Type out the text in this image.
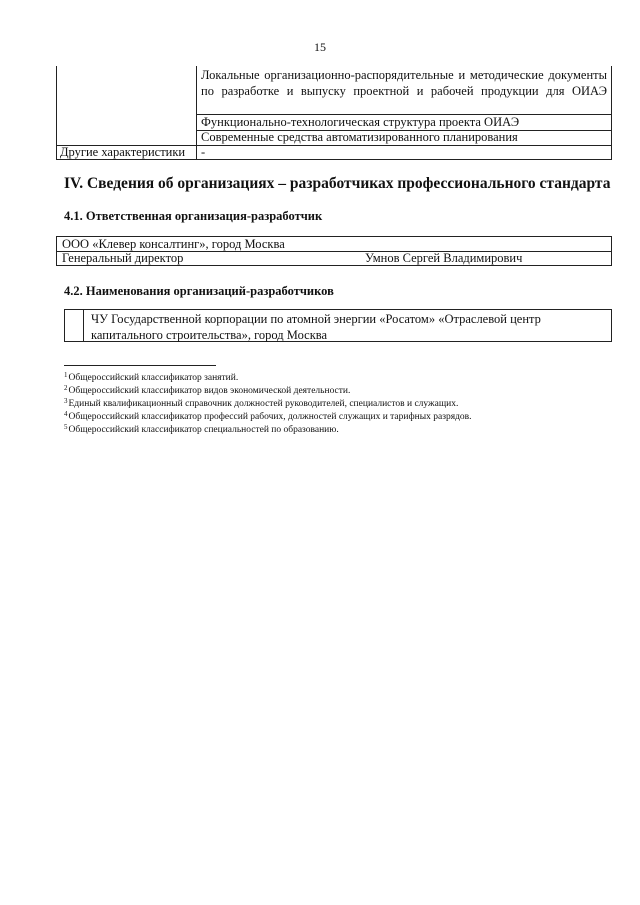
15
Локальные организационно-распорядительные и методические документы по разработке и выпуску проектной и рабочей продукции для ОИАЭ
Функционально-технологическая структура проекта ОИАЭ
Современные средства автоматизированного планирования
Другие характеристики	-
IV. Сведения об организациях – разработчиках профессионального стандарта
4.1. Ответственная организация-разработчик
ООО «Клевер консалтинг», город Москва
Генеральный директор	Умнов Сергей Владимирович
4.2. Наименования организаций-разработчиков
ЧУ Государственной корпорации по атомной энергии «Росатом» «Отраслевой центр капитального строительства», город Москва
$^1$Общероссийский классификатор занятий.
$^2$Общероссийский классификатор видов экономической деятельности.
$^3$Единый квалификационный справочник должностей руководителей, специалистов и служащих.
$^4$Общероссийский классификатор профессий рабочих, должностей служащих и тарифных разрядов.
$^5$Общероссийский классификатор специальностей по образованию.
